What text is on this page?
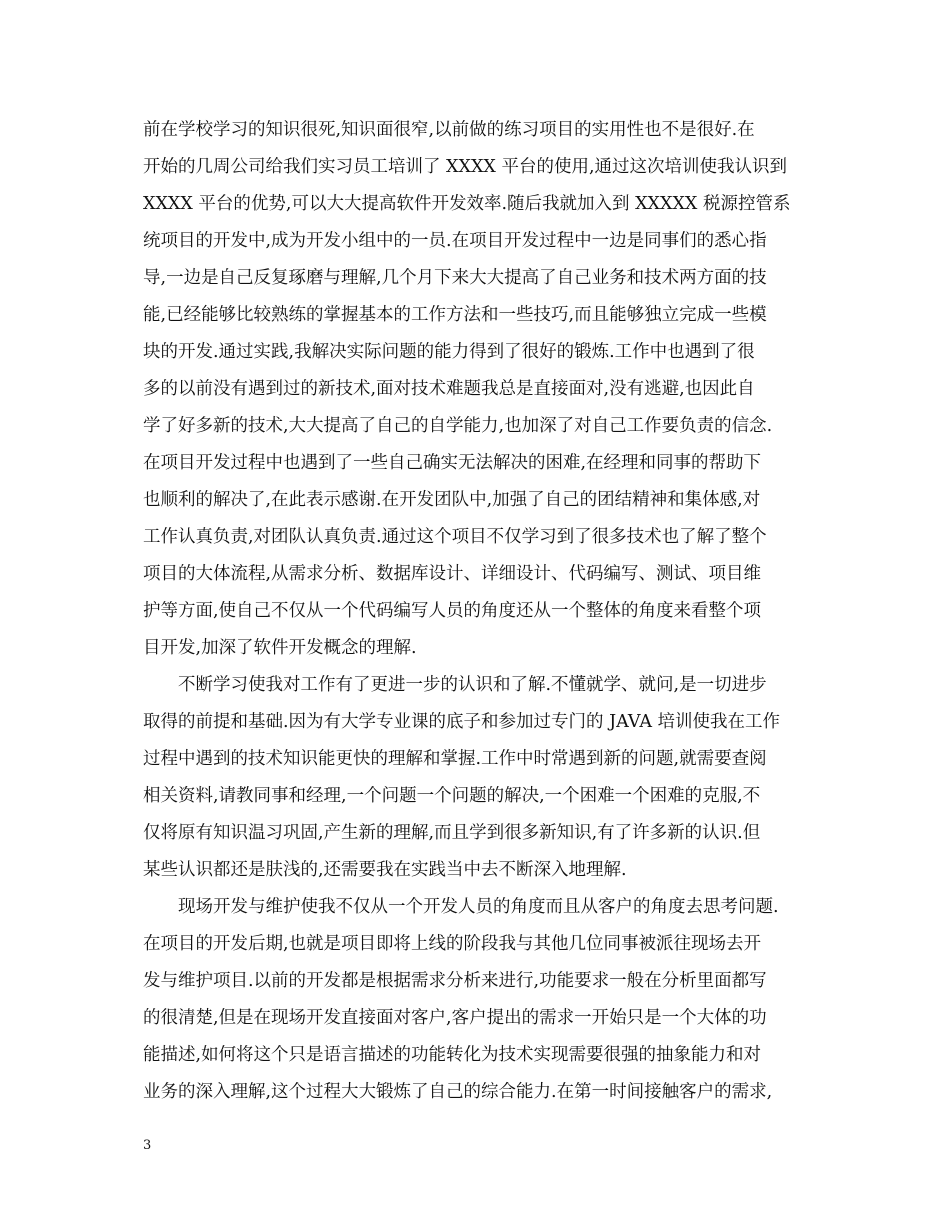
前在学校学习的知识很死,知识面很窄,以前做的练习项目的实用性也不是很好.在
开始的几周公司给我们实习员工培训了 XXXX 平台的使用,通过这次培训使我认识到
XXXX 平台的优势,可以大大提高软件开发效率.随后我就加入到 XXXXX 税源控管系
统项目的开发中,成为开发小组中的一员.在项目开发过程中一边是同事们的悉心指
导,一边是自己反复琢磨与理解,几个月下来大大提高了自己业务和技术两方面的技
能,已经能够比较熟练的掌握基本的工作方法和一些技巧,而且能够独立完成一些模
块的开发.通过实践,我解决实际问题的能力得到了很好的锻炼.工作中也遇到了很
多的以前没有遇到过的新技术,面对技术难题我总是直接面对,没有逃避,也因此自
学了好多新的技术,大大提高了自己的自学能力,也加深了对自己工作要负责的信念.
在项目开发过程中也遇到了一些自己确实无法解决的困难,在经理和同事的帮助下
也顺利的解决了,在此表示感谢.在开发团队中,加强了自己的团结精神和集体感,对
工作认真负责,对团队认真负责.通过这个项目不仅学习到了很多技术也了解了整个
项目的大体流程,从需求分析、数据库设计、详细设计、代码编写、测试、项目维
护等方面,使自己不仅从一个代码编写人员的角度还从一个整体的角度来看整个项
目开发,加深了软件开发概念的理解.
不断学习使我对工作有了更进一步的认识和了解.不懂就学、就问,是一切进步
取得的前提和基础.因为有大学专业课的底子和参加过专门的 JAVA 培训使我在工作
过程中遇到的技术知识能更快的理解和掌握.工作中时常遇到新的问题,就需要查阅
相关资料,请教同事和经理,一个问题一个问题的解决,一个困难一个困难的克服,不
仅将原有知识温习巩固,产生新的理解,而且学到很多新知识,有了许多新的认识.但
某些认识都还是肤浅的,还需要我在实践当中去不断深入地理解.
现场开发与维护使我不仅从一个开发人员的角度而且从客户的角度去思考问题.
在项目的开发后期,也就是项目即将上线的阶段我与其他几位同事被派往现场去开
发与维护项目.以前的开发都是根据需求分析来进行,功能要求一般在分析里面都写
的很清楚,但是在现场开发直接面对客户,客户提出的需求一开始只是一个大体的功
能描述,如何将这个只是语言描述的功能转化为技术实现需要很强的抽象能力和对
业务的深入理解,这个过程大大锻炼了自己的综合能力.在第一时间接触客户的需求,
3
